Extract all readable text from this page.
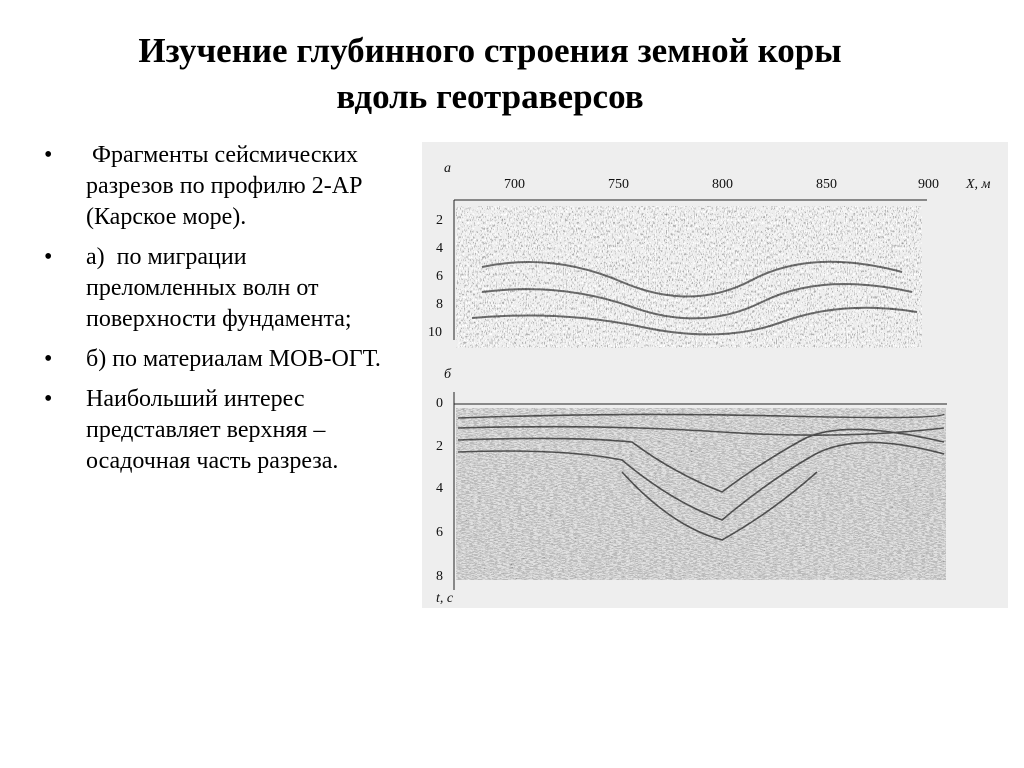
Изучение глубинного строения земной коры
вдоль геотраверсов
• Фрагменты сейсмических разрезов по профилю 2-АР (Карское море).
• а)  по миграции преломленных волн от поверхности фундамента;
• б) по материалам МОВ-ОГТ.
• Наибольший интерес представляет верхняя – осадочная часть разреза.
а
700	750	800	850	900 X, м
2
4
6
8
10
б
0
2
4
6
8
t, с
